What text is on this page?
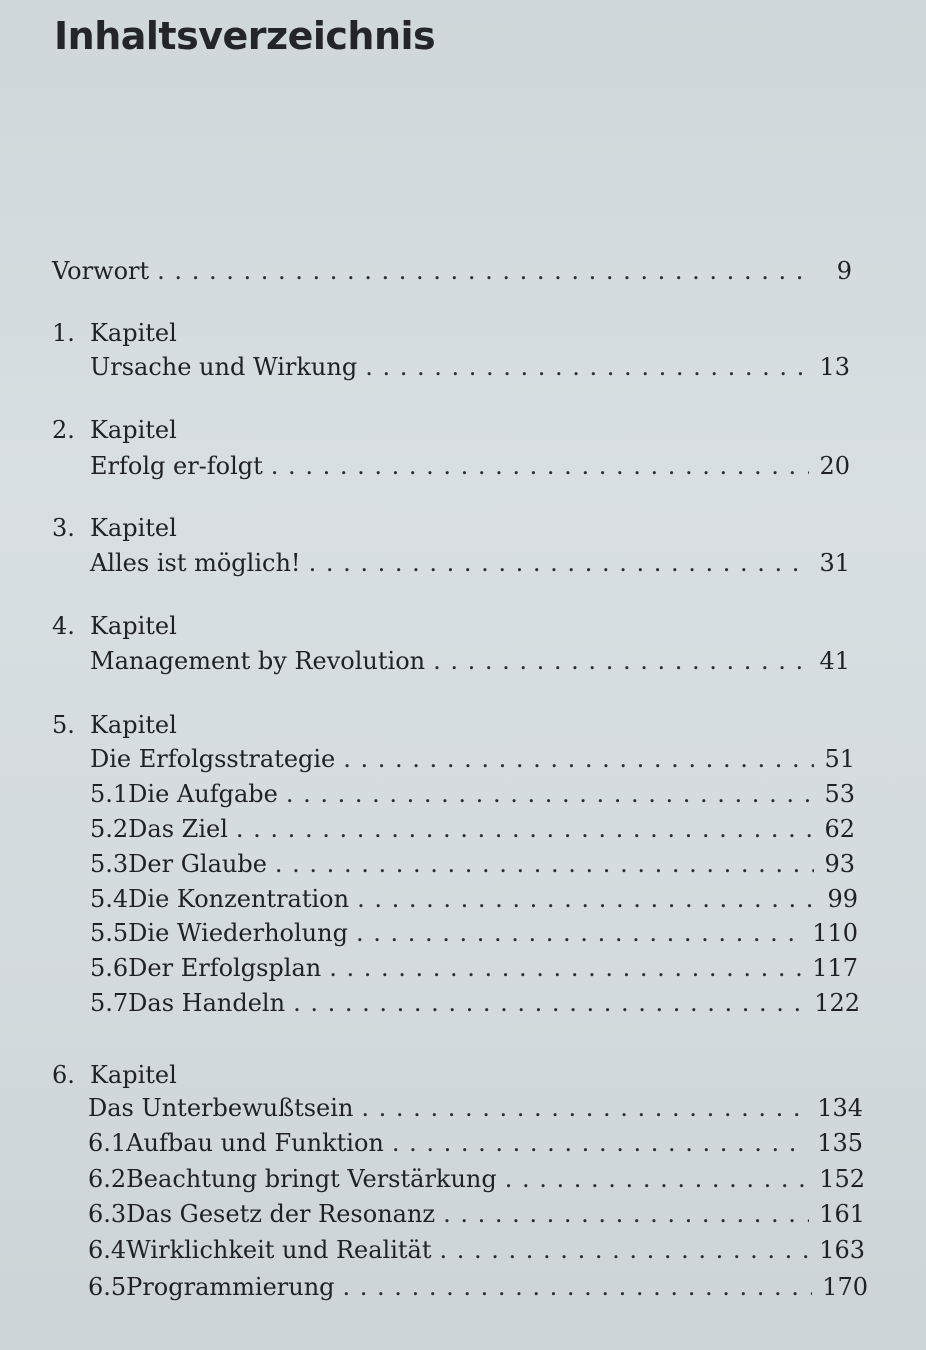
Inhaltsverzeichnis
Vorwort . . .	9
1. Kapitel
Ursache und Wirkung . . .	13
2. Kapitel
Erfolg er-folgt . . .	20
3. Kapitel
Alles ist möglich! . . .	31
4. Kapitel
Management by Revolution . . .	41
5. Kapitel
Die Erfolgsstrategie . . .	51
5.1 Die Aufgabe . . .	53
5.2 Das Ziel . . .	62
5.3 Der Glaube . . .	93
5.4 Die Konzentration . . .	99
5.5 Die Wiederholung . . .	110
5.6 Der Erfolgsplan . . .	117
5.7 Das Handeln . . .	122
6. Kapitel
Das Unterbewußtsein . . .	134
6.1 Aufbau und Funktion . . .	135
6.2 Beachtung bringt Verstärkung . . .	152
6.3 Das Gesetz der Resonanz . . .	161
6.4 Wirklichkeit und Realität . . .	163
6.5 Programmierung . . .	170
